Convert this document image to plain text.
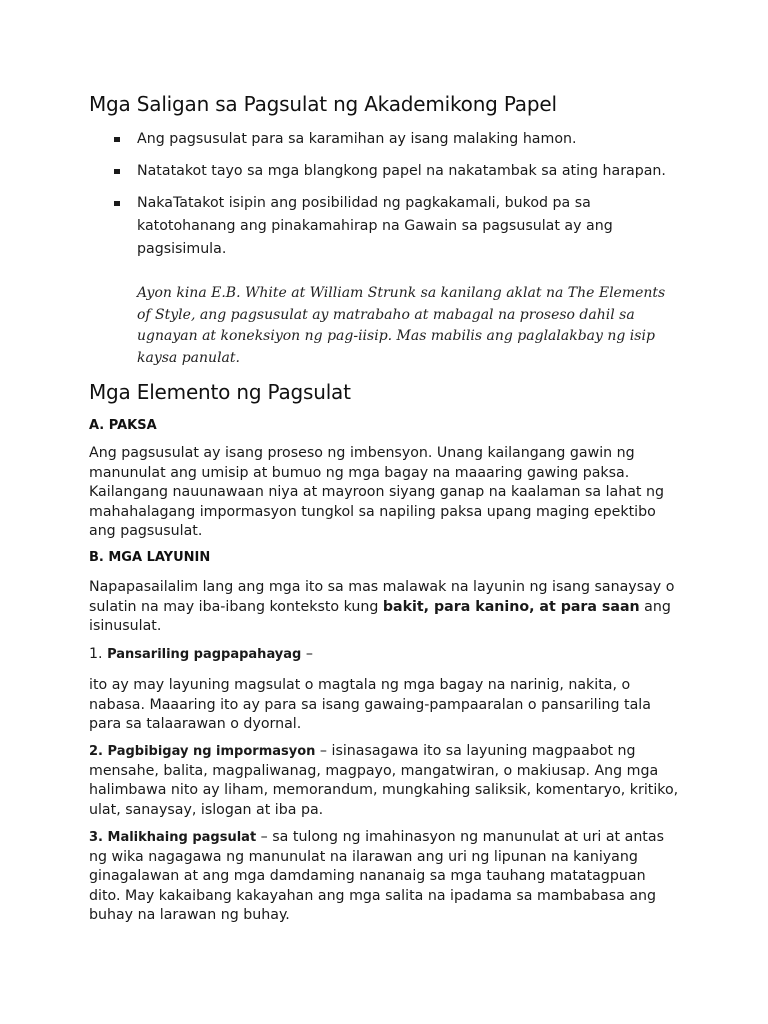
Mga Saligan sa Pagsulat ng Akademikong Papel
Ang pagsusulat para sa karamihan ay isang malaking hamon.
Natatakot tayo sa mga blangkong papel na nakatambak sa ating harapan.
NakaTatakot isipin ang posibilidad ng pagkakamali, bukod pa sa katotohanang ang pinakamahirap na Gawain sa pagsusulat ay ang pagsisimula.

Ayon kina E.B. White at William Strunk sa kanilang aklat na The Elements of Style, ang pagsusulat ay matrabaho at mabagal na proseso dahil sa ugnayan at koneksiyon ng pag-iisip. Mas mabilis ang paglalakbay ng isip kaysa panulat.

Mga Elemento ng Pagsulat
A. PAKSA

Ang pagsusulat ay isang proseso ng imbensyon. Unang kailangang gawin ng manunulat ang umisip at bumuo ng mga bagay na maaaring gawing paksa. Kailangang nauunawaan niya at mayroon siyang ganap na kaalaman sa lahat ng mahahalagang impormasyon tungkol sa napiling paksa upang maging epektibo ang pagsusulat.

B. MGA LAYUNIN

Napapasailalim lang ang mga ito sa mas malawak na layunin ng isang sanaysay o sulatin na may iba-ibang konteksto kung bakit, para kanino, at para saan ang isinusulat.

1. Pansariling pagpapahayag –

ito ay may layuning magsulat o magtala ng mga bagay na narinig, nakita, o nabasa. Maaaring ito ay para sa isang gawaing-pampaaralan o pansariling tala para sa talaarawan o dyornal.

2. Pagbibigay ng impormasyon – isinasagawa ito sa layuning magpaabot ng mensahe, balita, magpaliwanag, magpayo, mangatwiran, o makiusap. Ang mga halimbawa nito ay liham, memorandum, mungkahing saliksik, komentaryo, kritiko, ulat, sanaysay, islogan at iba pa.

3. Malikhaing pagsulat – sa tulong ng imahinasyon ng manunulat at uri at antas ng wika nagagawa ng manunulat na ilarawan ang uri ng lipunan na kaniyang ginagalawan at ang mga damdaming nananaig sa mga tauhang matatagpuan dito. May kakaibang kakayahan ang mga salita na ipadama sa mambabasa ang buhay na larawan ng buhay.
